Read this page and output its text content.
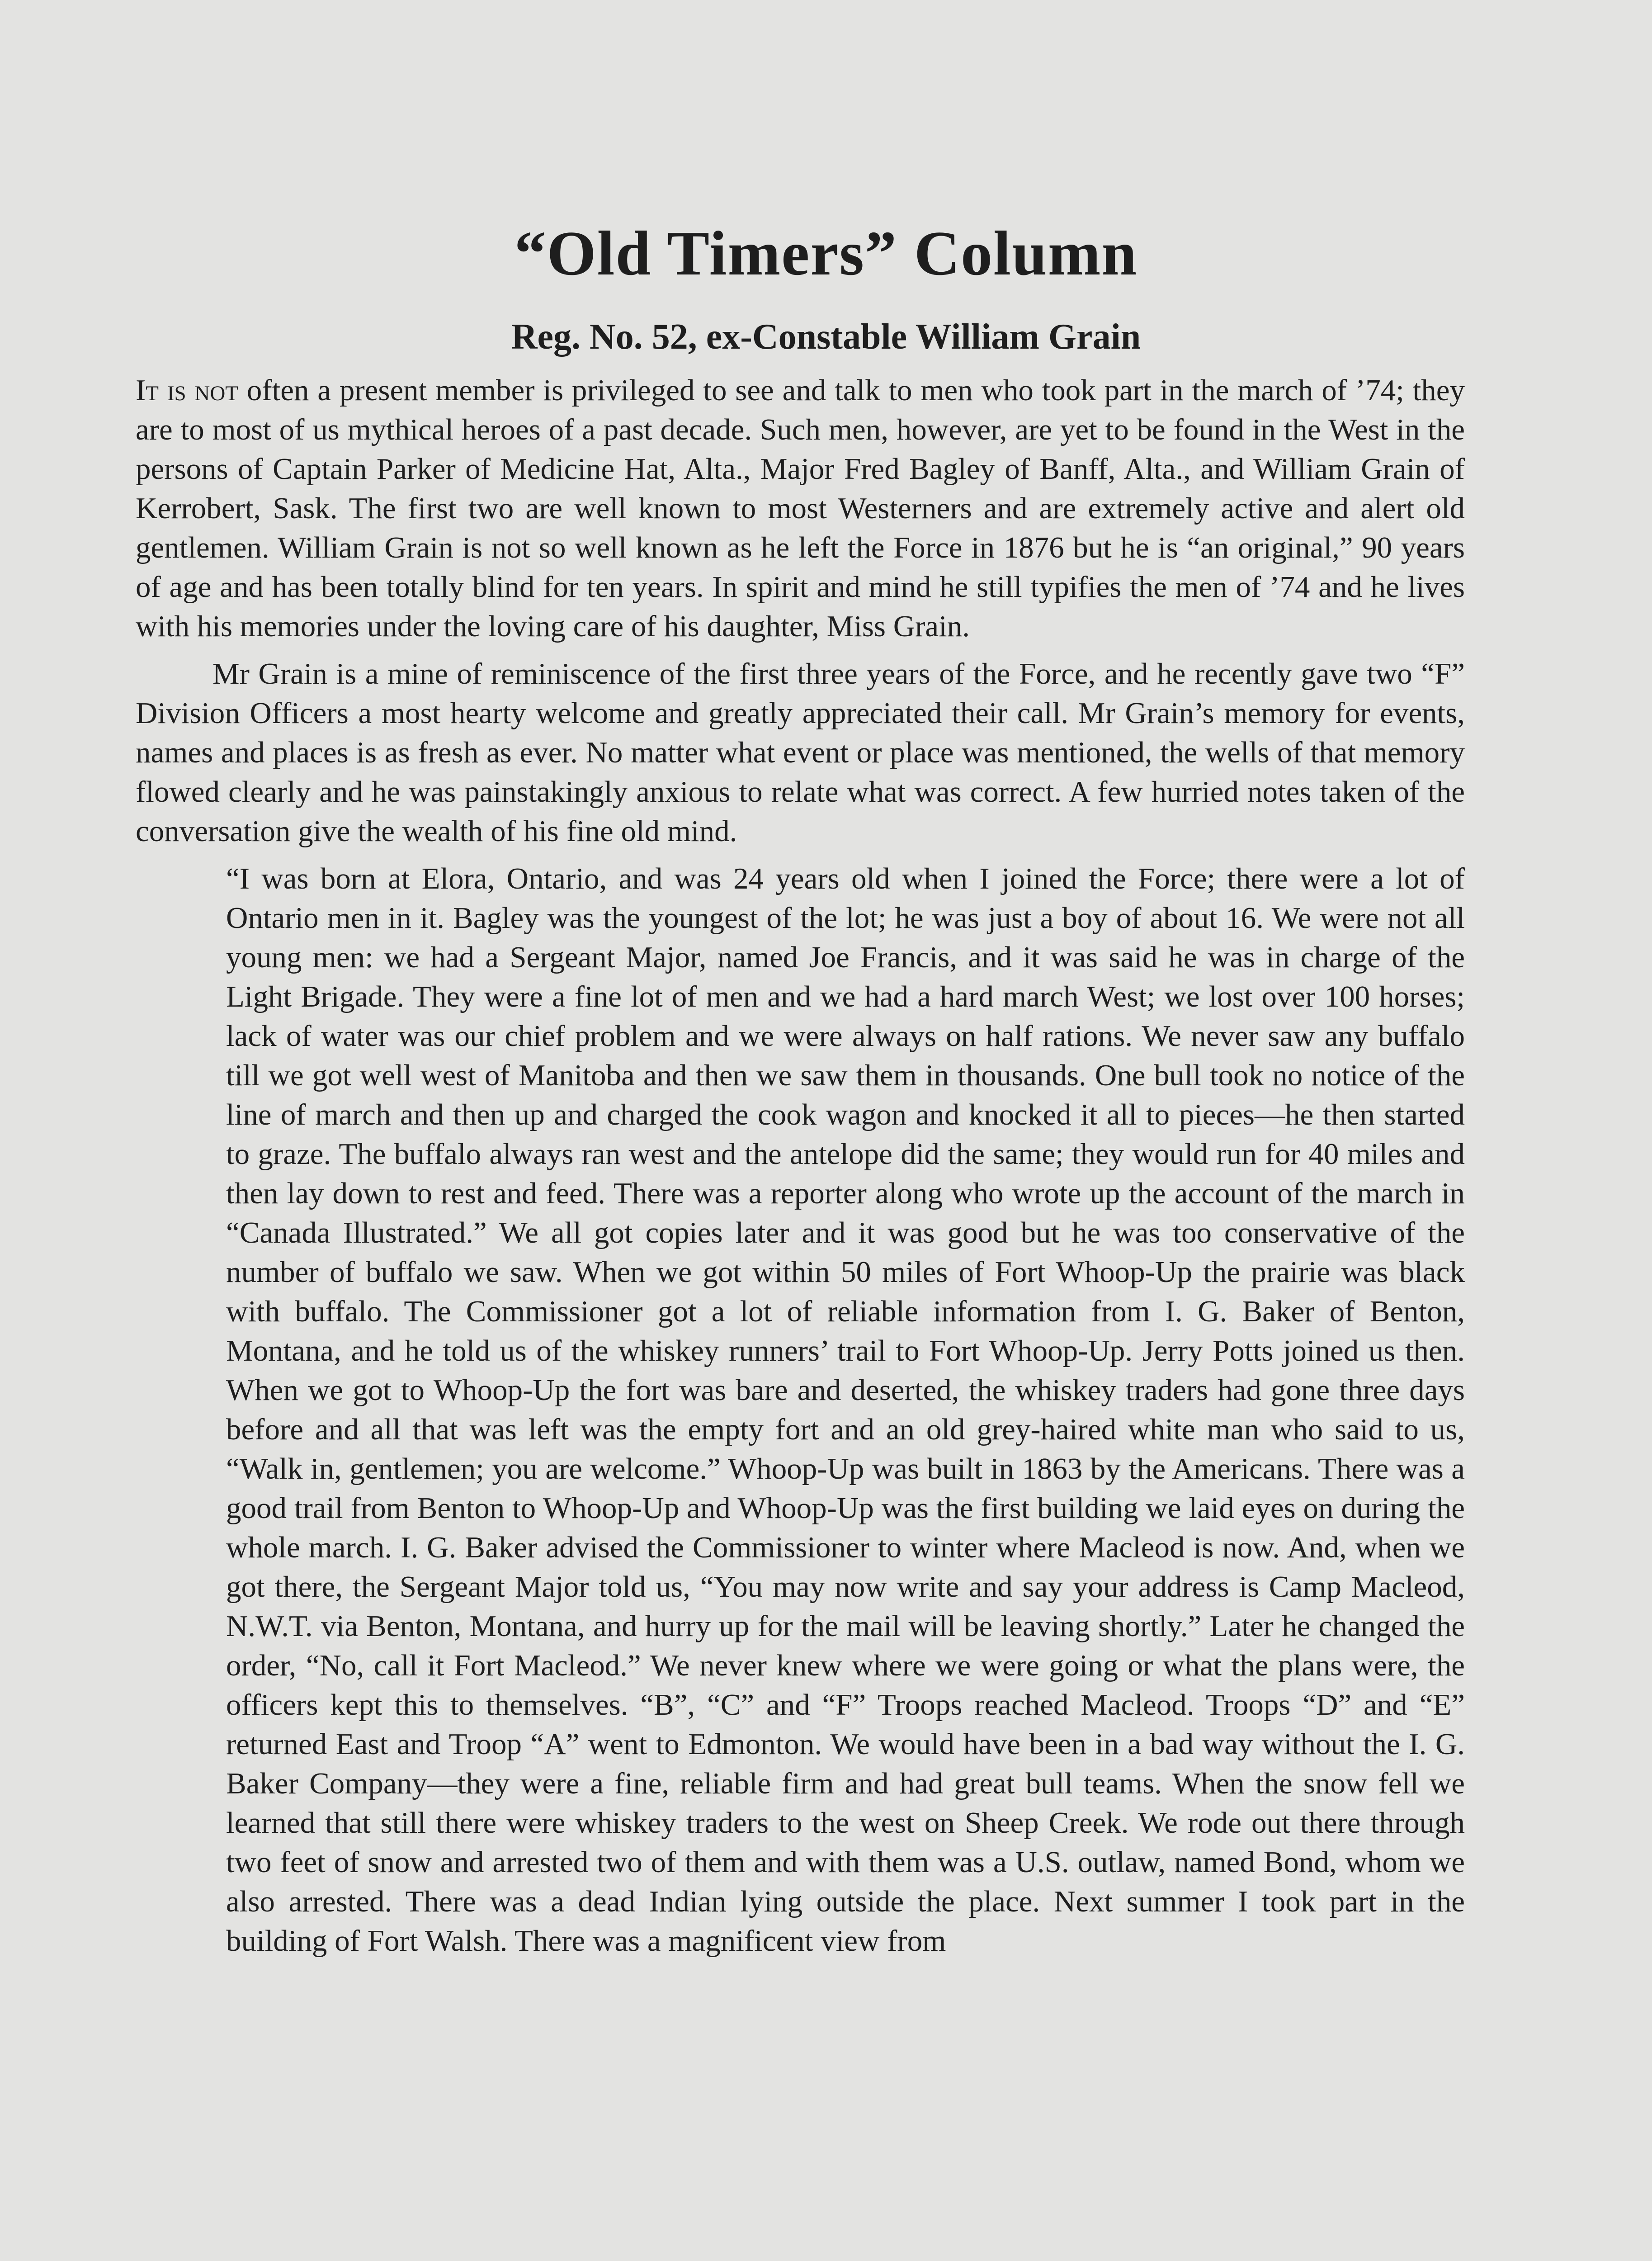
“Old Timers” Column
Reg. No. 52, ex-Constable William Grain

It is not often a present member is privileged to see and talk to men who took part in the march of ’74; they are to most of us mythical heroes of a past decade. Such men, however, are yet to be found in the West in the persons of Captain Parker of Medicine Hat, Alta., Major Fred Bagley of Banff, Alta., and William Grain of Kerrobert, Sask. The first two are well known to most Westerners and are extremely active and alert old gentlemen. William Grain is not so well known as he left the Force in 1876 but he is “an original,” 90 years of age and has been totally blind for ten years. In spirit and mind he still typifies the men of ’74 and he lives with his memories under the loving care of his daughter, Miss Grain.

Mr Grain is a mine of reminiscence of the first three years of the Force, and he recently gave two “F” Division Officers a most hearty welcome and greatly appreciated their call. Mr Grain’s memory for events, names and places is as fresh as ever. No matter what event or place was mentioned, the wells of that memory flowed clearly and he was painstakingly anxious to relate what was correct. A few hurried notes taken of the conversation give the wealth of his fine old mind.

“I was born at Elora, Ontario, and was 24 years old when I joined the Force; there were a lot of Ontario men in it. Bagley was the youngest of the lot; he was just a boy of about 16. We were not all young men: we had a Sergeant Major, named Joe Francis, and it was said he was in charge of the Light Brigade. They were a fine lot of men and we had a hard march West; we lost over 100 horses; lack of water was our chief problem and we were always on half rations. We never saw any buffalo till we got well west of Manitoba and then we saw them in thousands. One bull took no notice of the line of march and then up and charged the cook wagon and knocked it all to pieces—he then started to graze. The buffalo always ran west and the antelope did the same; they would run for 40 miles and then lay down to rest and feed. There was a reporter along who wrote up the account of the march in “Canada Illustrated.” We all got copies later and it was good but he was too conservative of the number of buffalo we saw. When we got within 50 miles of Fort Whoop-Up the prairie was black with buffalo. The Commissioner got a lot of reliable information from I. G. Baker of Benton, Montana, and he told us of the whiskey runners’ trail to Fort Whoop-Up. Jerry Potts joined us then. When we got to Whoop-Up the fort was bare and deserted, the whiskey traders had gone three days before and all that was left was the empty fort and an old grey-haired white man who said to us, “Walk in, gentlemen; you are welcome.” Whoop-Up was built in 1863 by the Americans. There was a good trail from Benton to Whoop-Up and Whoop-Up was the first building we laid eyes on during the whole march. I. G. Baker advised the Commissioner to winter where Macleod is now. And, when we got there, the Sergeant Major told us, “You may now write and say your address is Camp Macleod, N.W.T. via Benton, Montana, and hurry up for the mail will be leaving shortly.” Later he changed the order, “No, call it Fort Macleod.” We never knew where we were going or what the plans were, the officers kept this to themselves. “B”, “C” and “F” Troops reached Macleod. Troops “D” and “E” returned East and Troop “A” went to Edmonton. We would have been in a bad way without the I. G. Baker Company—they were a fine, reliable firm and had great bull teams. When the snow fell we learned that still there were whiskey traders to the west on Sheep Creek. We rode out there through two feet of snow and arrested two of them and with them was a U.S. outlaw, named Bond, whom we also arrested. There was a dead Indian lying outside the place. Next summer I took part in the building of Fort Walsh. There was a magnificent view from
